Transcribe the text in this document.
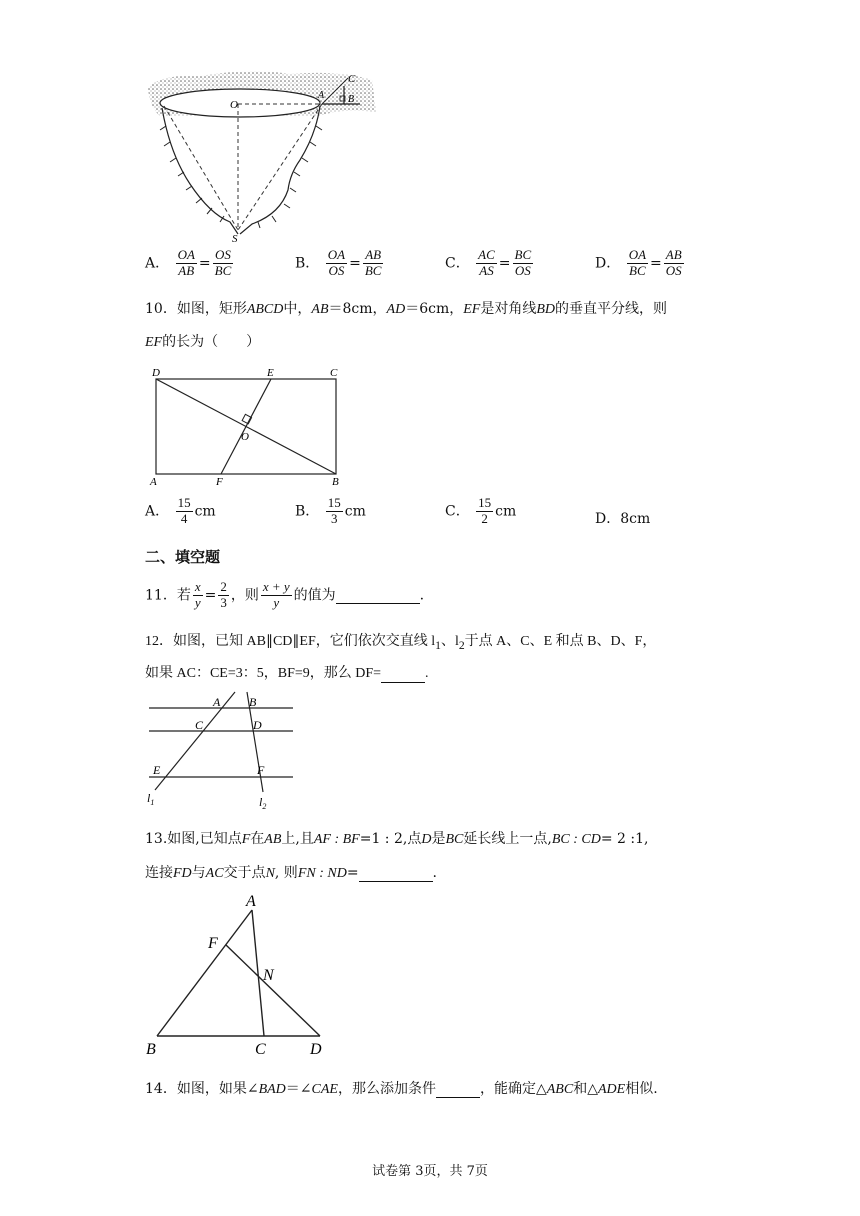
O
A B
C
S
A． $\frac{OA}{AB} = \frac{OS}{BC}$	B． $\frac{OA}{OS} = \frac{AB}{BC}$	C． $\frac{AC}{AS} = \frac{BC}{OS}$	D． $\frac{OA}{BC} = \frac{AB}{OS}$
10．如图，矩形ABCD中，AB＝8cm，AD＝6cm，EF是对角线BD的垂直平分线，则
EF的长为（　　）
D	E	C
O
A	F	B
A． $\frac{15}{4}$ cm	B． $\frac{15}{3}$ cm	C． $\frac{15}{2}$ cm	D．8cm
二、填空题
11．若 $\frac{x}{y} = \frac{2}{3}$ ，则 $\frac{x + y}{y}$ 的值为	.
12．如图，已知 AB∥CD∥EF，它们依次交直线 $l_1$、$l_2$于点 A、C、E 和点 B、D、F，
如果 AC：CE=3：5，BF=9，那么 DF=	.
A B
C	D
E	F
$l_1$	$l_2$
13.如图,已知点F在AB上,且AF : BF=1 : 2,点D是BC延长线上一点,BC : CD= 2 :1,
连接FD与AC交于点N, 则FN : ND=	.
A
F
N
B	C	D
14．如图，如果∠BAD＝∠CAE，那么添加条件	，能确定△ABC和△ADE相似.
试卷第 3页，共 7页
